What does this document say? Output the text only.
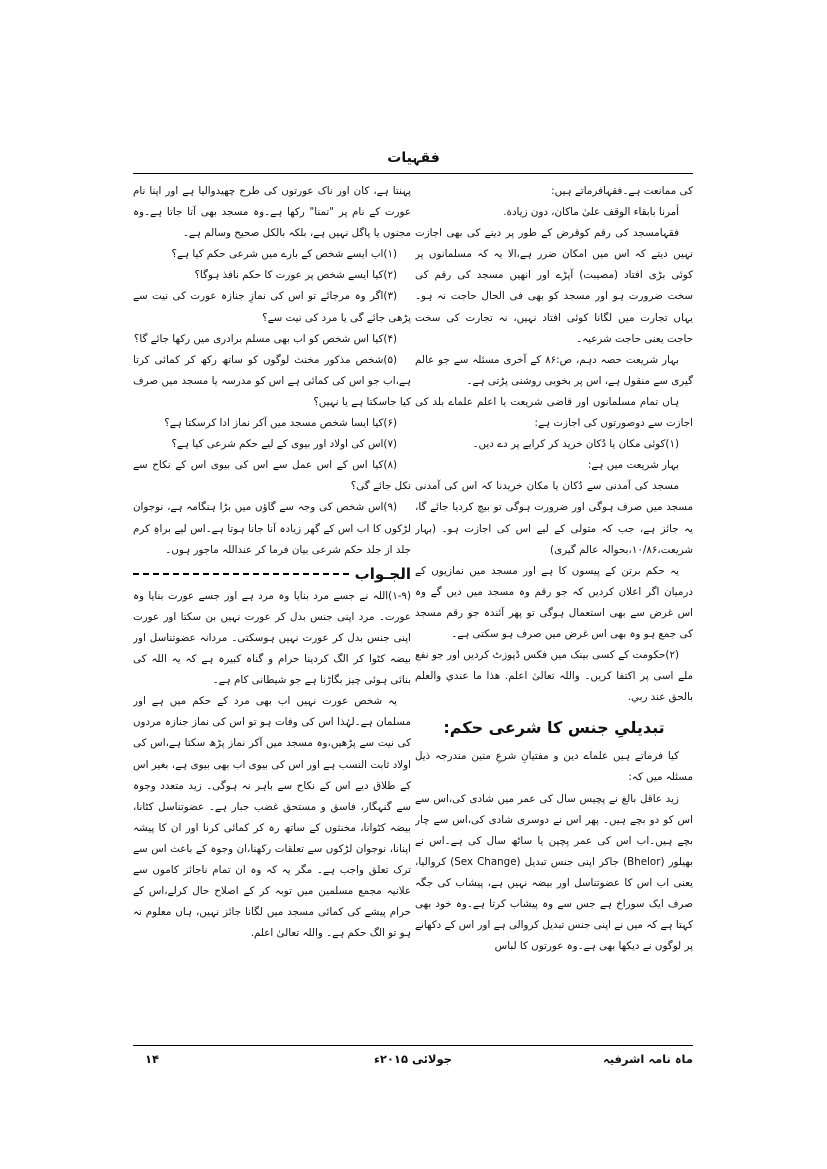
فقہیات

کی ممانعت ہے۔فقہافرماتے ہیں:

أمرنا بابقاء الوقف علىٰ ماكان، دون زيادة.

فقہامسجد کی رقم کوقرض کے طور پر دینے کی بھی اجازت نہیں دیتے کہ اس میں امکان ضرر ہے،الا یہ کہ مسلمانوں پر کوئی بڑی افتاد (مصیبت) آپڑے اور انھیں مسجد کی رقم کی سخت ضرورت ہو اور مسجد کو بھی فی الحال حاجت نہ ہو۔ یہاں تجارت میں لگانا کوئی افتاد نہیں، نہ تجارت کی سخت حاجت یعنی حاجت شرعیہ۔

بہار شریعت حصہ دہم، ص:۸۶ کے آخری مسئلہ سے جو عالم گیری سے منقول ہے، اس پر بخوبی روشنی پڑتی ہے۔

ہاں تمام مسلمانوں اور قاضی شریعت یا اعلم علماے بلد کی اجازت سے دوصورتوں کی اجازت ہے:

(۱)کوئی مکان یا دُکان خرید کر کرایے پر دے دیں۔

بہار شریعت میں ہے:

مسجد کی آمدنی سے دُکان یا مکان خریدنا کہ اس کی آمدنی مسجد میں صرف ہوگی اور ضرورت ہوگی تو بیچ کردیا جائے گا، یہ جائز ہے، جب کہ متولی کے لیے اس کی اجازت ہو۔ (بہار شریعت،۱۰/۸۶،بحوالہ عالم گیری)

یہ حکم برتن کے پیسوں کا ہے اور مسجد میں نمازیوں کے درمیان اگر اعلان کردیں کہ جو رقم وہ مسجد میں دیں گے وہ اس غرض سے بھی استعمال ہوگی تو پھر آئندہ جو رقم مسجد کی جمع ہو وہ بھی اس غرض میں صرف ہو سکتی ہے۔

(۲)حکومت کے کسی بینک میں فکس ڈپوزٹ کردیں اور جو نفع ملے اسی پر اکتفا کریں۔ واللہ تعالیٰ اعلم. هذا ما عندي والعلم بالحق عند ربي.

تبدیلیِ جنس کا شرعی حکم:

کیا فرماتے ہیں علماے دین و مفتیانِ شرعِ متین مندرجہ ذیل مسئلہ میں کہ:

زید عاقل بالغ نے پچیس سال کی عمر میں شادی کی،اس سے اس کو دو بچے ہیں۔ پھر اس نے دوسری شادی کی،اس سے چار بچے ہیں۔اب اس کی عمر پچپن یا ساٹھ سال کی ہے۔اس نے بھیلور (Bhelor) جاکر اپنی جنس تبدیل (Sex Change) کروالیا، یعنی اب اس کا عضوتناسل اور بیضہ نہیں ہے، پیشاب کی جگہ صرف ایک سوراخ ہے جس سے وہ پیشاب کرتا ہے۔وہ خود بھی کہتا ہے کہ میں نے اپنی جنس تبدیل کروالی ہے اور اس کے دکھانے پر لوگوں نے دیکھا بھی ہے۔وہ عورتوں کا لباس

پہنتا ہے، کان اور ناک عورتوں کی طرح چھیدوالیا ہے اور اپنا نام عورت کے نام پر "تمنا" رکھا ہے۔وہ مسجد بھی آتا جاتا ہے۔وہ مجنوں یا پاگل نہیں ہے، بلکہ بالکل صحیح وسالم ہے۔

(۱)اب ایسے شخص کے بارے میں شرعی حکم کیا ہے؟

(۲)کیا ایسے شخص پر عورت کا حکم نافذ ہوگا؟

(۳)اگر وہ مرجائے تو اس کی نمازِ جنازہ عورت کی نیت سے پڑھی جائے گی یا مرد کی نیت سے؟

(۴)کیا اس شخص کو اب بھی مسلم برادری میں رکھا جائے گا؟

(۵)شخص مذکور مخنث لوگوں کو ساتھ رکھ کر کمائی کرتا ہے،اب جو اس کی کمائی ہے اس کو مدرسہ یا مسجد میں صرف کیا جاسکتا ہے یا نہیں؟

(۶)کیا ایسا شخص مسجد میں آکر نماز ادا کرسکتا ہے؟

(۷)اس کی اولاد اور بیوی کے لیے حکم شرعی کیا ہے؟

(۸)کیا اس کے اس عمل سے اس کی بیوی اس کے نکاح سے نکل جائے گی؟

(۹)اس شخص کی وجہ سے گاؤں میں بڑا ہنگامہ ہے، نوجوان لڑکوں کا اب اس کے گھر زیادہ آنا جانا ہوتا ہے۔اس لیے براہِ کرم جلد از جلد حکم شرعی بیان فرما کر عنداللہ ماجور ہوں۔

الجـواب

(۱-۹)اللہ نے جسے مرد بنایا وہ مرد ہے اور جسے عورت بنایا وہ عورت۔ مرد اپنی جنس بدل کر عورت نہیں بن سکتا اور عورت اپنی جنس بدل کر عورت نہیں ہوسکتی۔ مردانہ عضوتناسل اور بیضہ کٹوا کر الگ کردینا حرام و گناہ کبیرہ ہے کہ یہ اللہ کی بنائی ہوئی چیز بگاڑنا ہے جو شیطانی کام ہے۔

یہ شخص عورت نہیں اب بھی مرد کے حکم میں ہے اور مسلمان ہے۔لہٰذا اس کی وفات ہو تو اس کی نماز جنازہ مردوں کی نیت سے پڑھیں،وہ مسجد میں آکر نماز پڑھ سکتا ہے،اس کی اولاد ثابت النسب ہے اور اس کی بیوی اب بھی بیوی ہے، بغیر اس کے طلاق دیے اس کے نکاح سے باہر نہ ہوگی۔ زید متعدد وجوہ سے گنہگار، فاسق و مستحق غضب جبار ہے۔ عضوتناسل کٹانا، بیضہ کٹوانا، مخنثوں کے ساتھ رہ کر کمائی کرنا اور ان کا پیشہ اپنانا، نوجوان لڑکوں سے تعلقات رکھنا،ان وجوہ کے باعث اس سے ترک تعلق واجب ہے۔ مگر یہ کہ وہ ان تمام ناجائز کاموں سے علانیہ مجمع مسلمین میں توبہ کر کے اصلاح حال کرلے،اس کے حرام پیشے کی کمائی مسجد میں لگانا جائز نہیں، ہاں معلوم نہ ہو تو الگ حکم ہے۔ واللہ تعالیٰ اعلم.

ماہ نامہ اشرفیہ
جولائی ۲۰۱۵ء
۱۴
